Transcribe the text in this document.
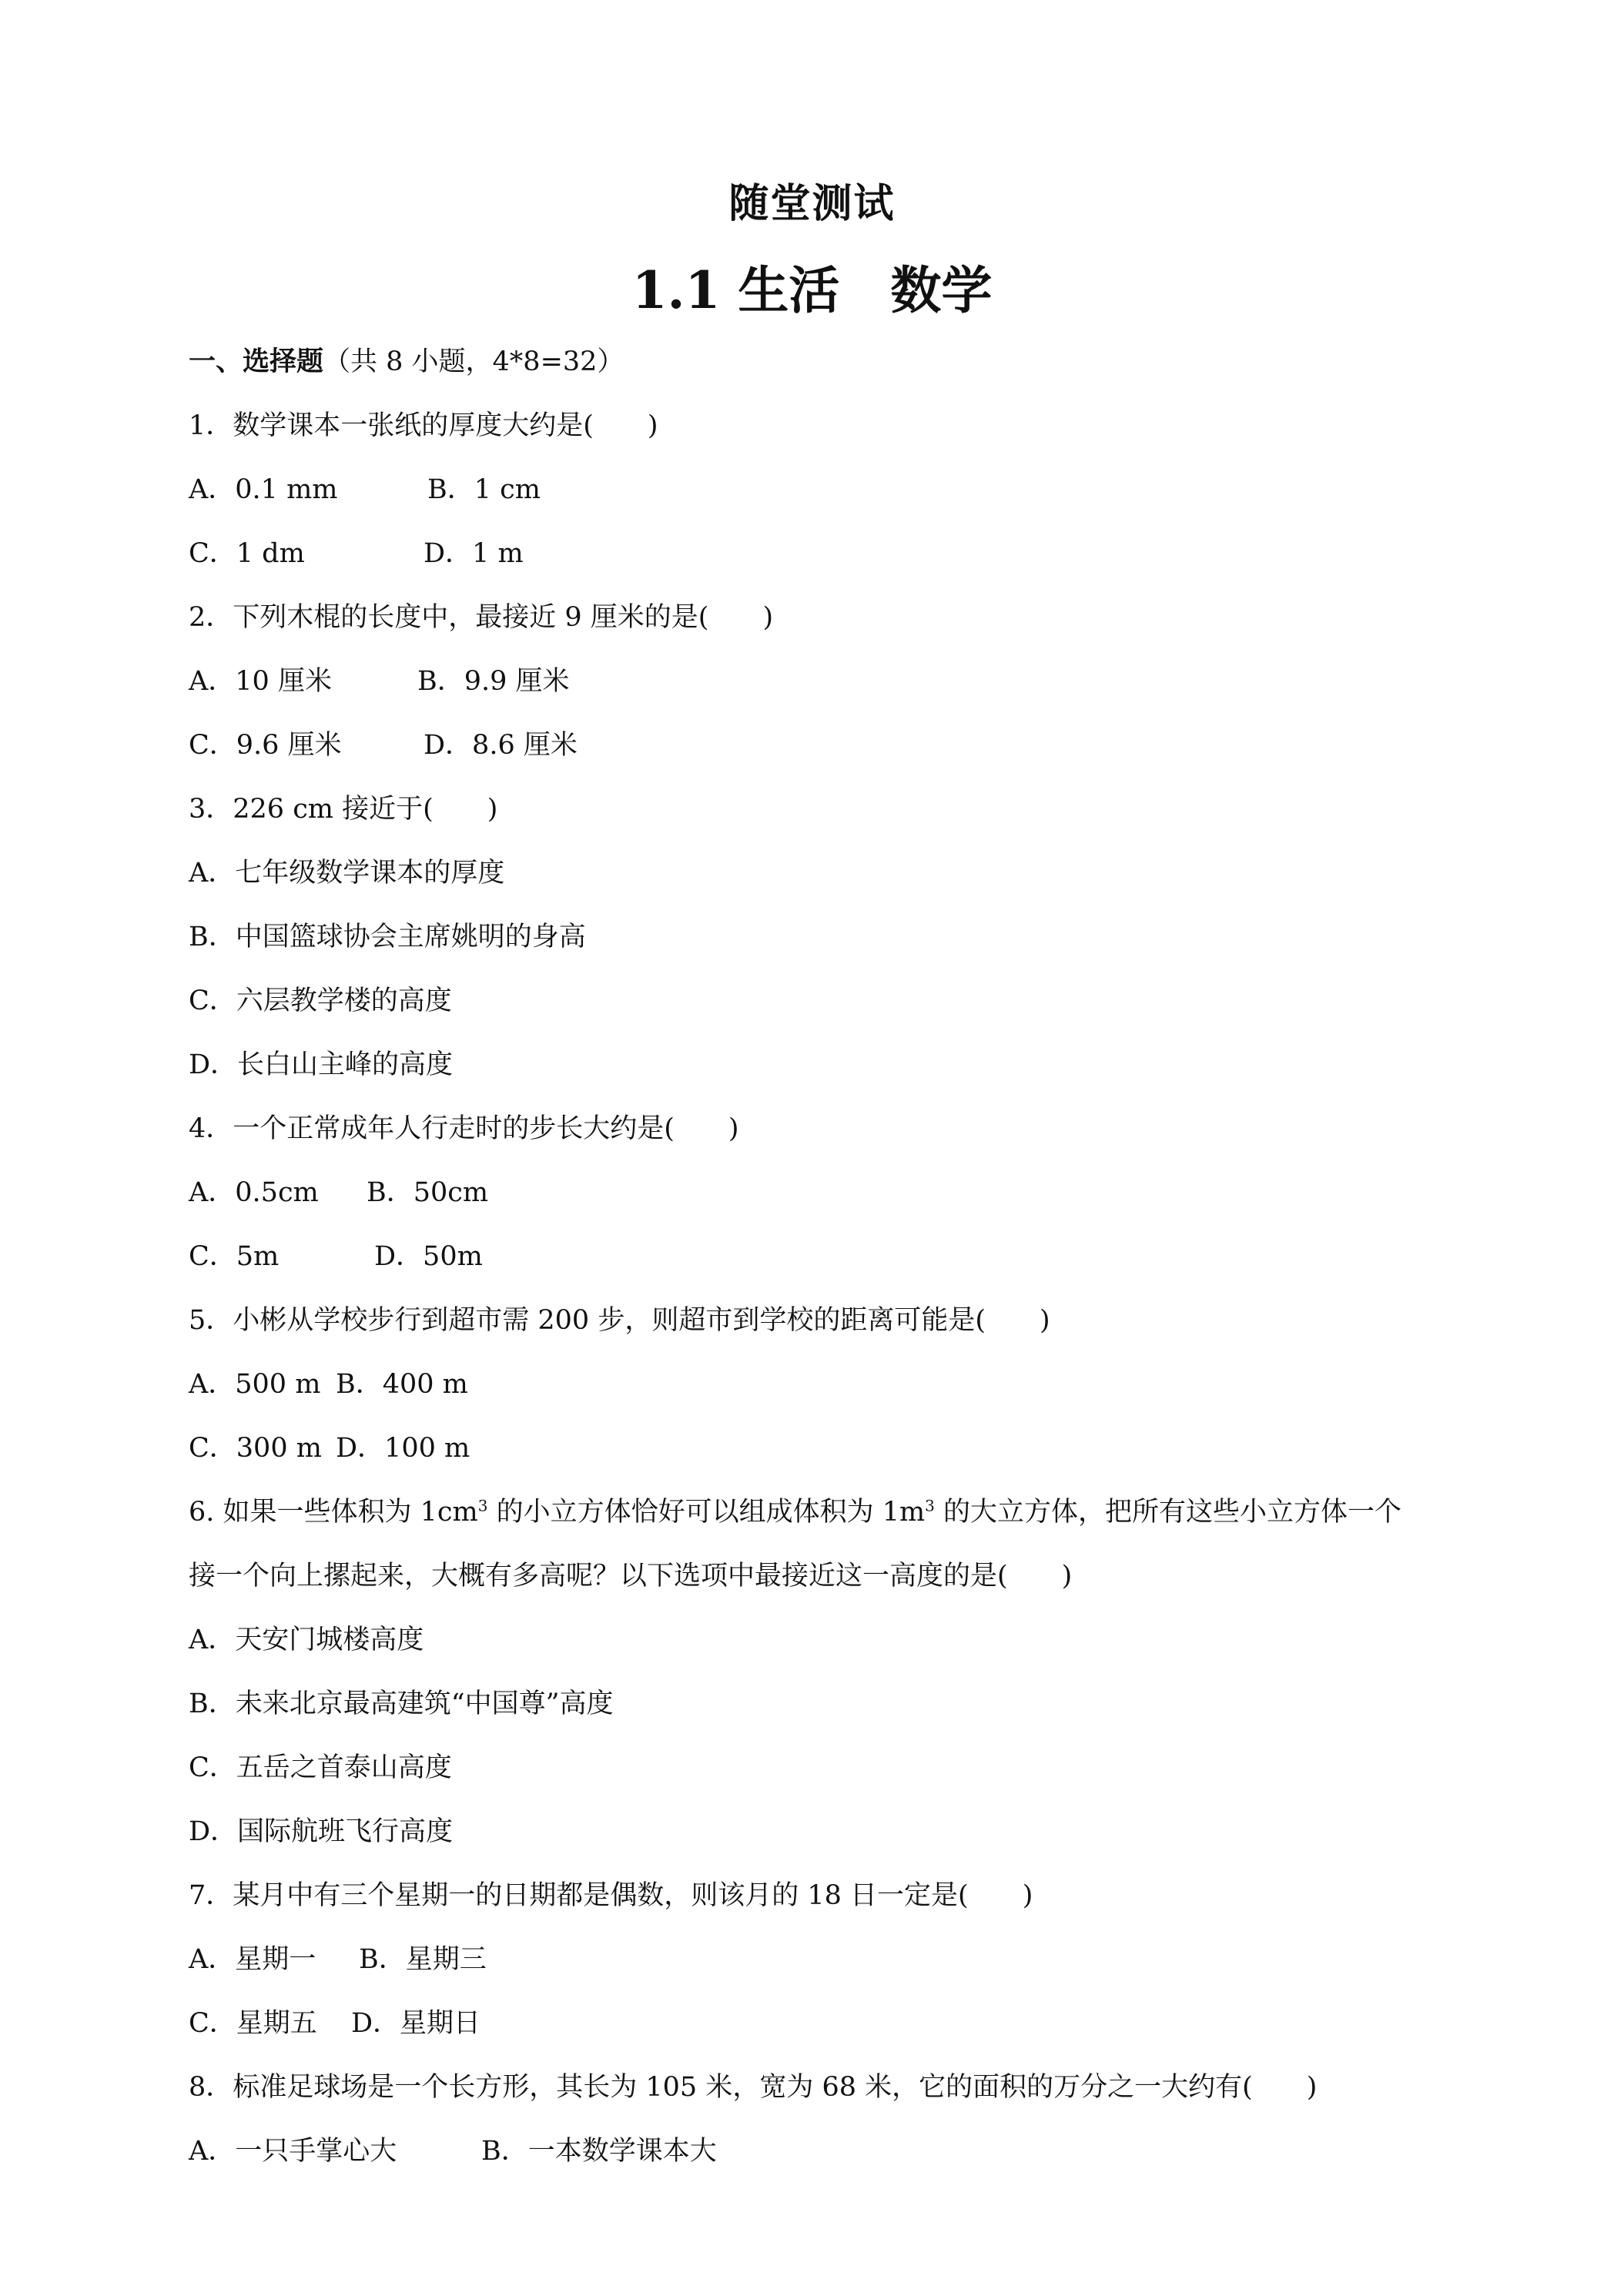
随堂测试
1.1 生活　数学
一、选择题（共 8 小题，4*8=32）
1．数学课本一张纸的厚度大约是(　　)
A．0.1 mm	B．1 cm
C．1 dm	D．1 m
2．下列木棍的长度中，最接近 9 厘米的是(　　)
A．10 厘米	B．9.9 厘米
C．9.6 厘米	D．8.6 厘米
3．226 cm 接近于(　　)
A．七年级数学课本的厚度
B．中国篮球协会主席姚明的身高
C．六层教学楼的高度
D．长白山主峰的高度
4．一个正常成年人行走时的步长大约是(　　)
A．0.5cm B．50cm
C．5m	D．50m
5．小彬从学校步行到超市需 200 步，则超市到学校的距离可能是(　　)
A．500 m B．400 m
C．300 m D．100 m
6. 如果一些体积为 $1cm^3$ 的小立方体恰好可以组成体积为 $1m^3$ 的大立方体，把所有这些小立方体一个
接一个向上摞起来，大概有多高呢？以下选项中最接近这一高度的是(　　)
A．天安门城楼高度
B．未来北京最高建筑“中国尊”高度
C．五岳之首泰山高度
D．国际航班飞行高度
7．某月中有三个星期一的日期都是偶数，则该月的 18 日一定是(　　)
A．星期一 B．星期三
C．星期五 D．星期日
8．标准足球场是一个长方形，其长为 105 米，宽为 68 米，它的面积的万分之一大约有(　　)
A．一只手掌心大	B．一本数学课本大
